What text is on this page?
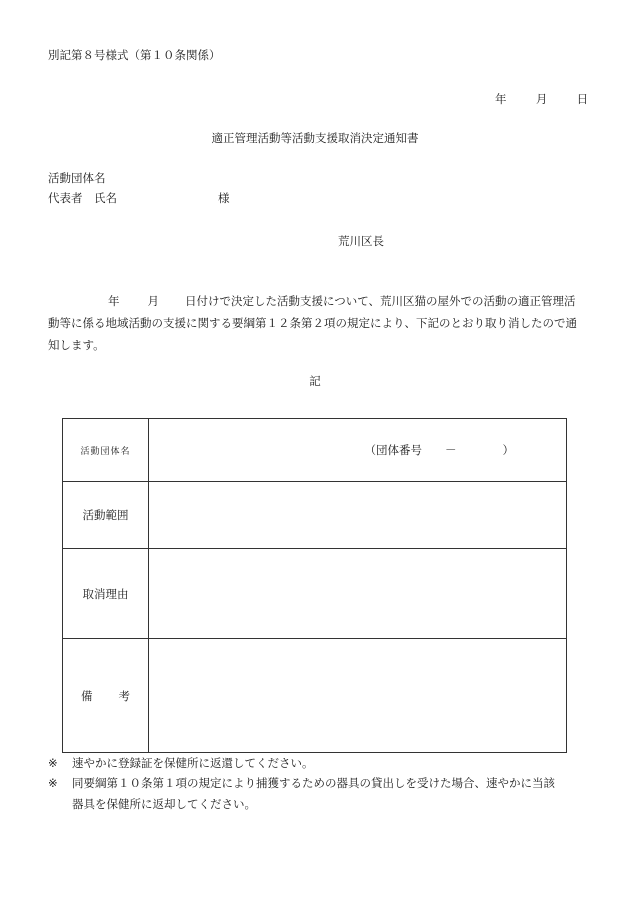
別記第８号様式（第１０条関係）
年	月	日
適正管理活動等活動支援取消決定通知書
活動団体名
代表者　氏名	様
荒川区長
年 月 日付けで決定した活動支援について、荒川区猫の屋外での活動の適正管理活動等に係る地域活動の支援に関する要綱第１２条第２項の規定により、下記のとおり取り消したので通知します。
記
活動団体名	（団体番号　　－　　　　）

活動範囲	
取消理由	
備 考	
※ 速やかに登録証を保健所に返還してください。
※ 同要綱第１０条第１項の規定により捕獲するための器具の貸出しを受けた場合、速やかに当該
器具を保健所に返却してください。
